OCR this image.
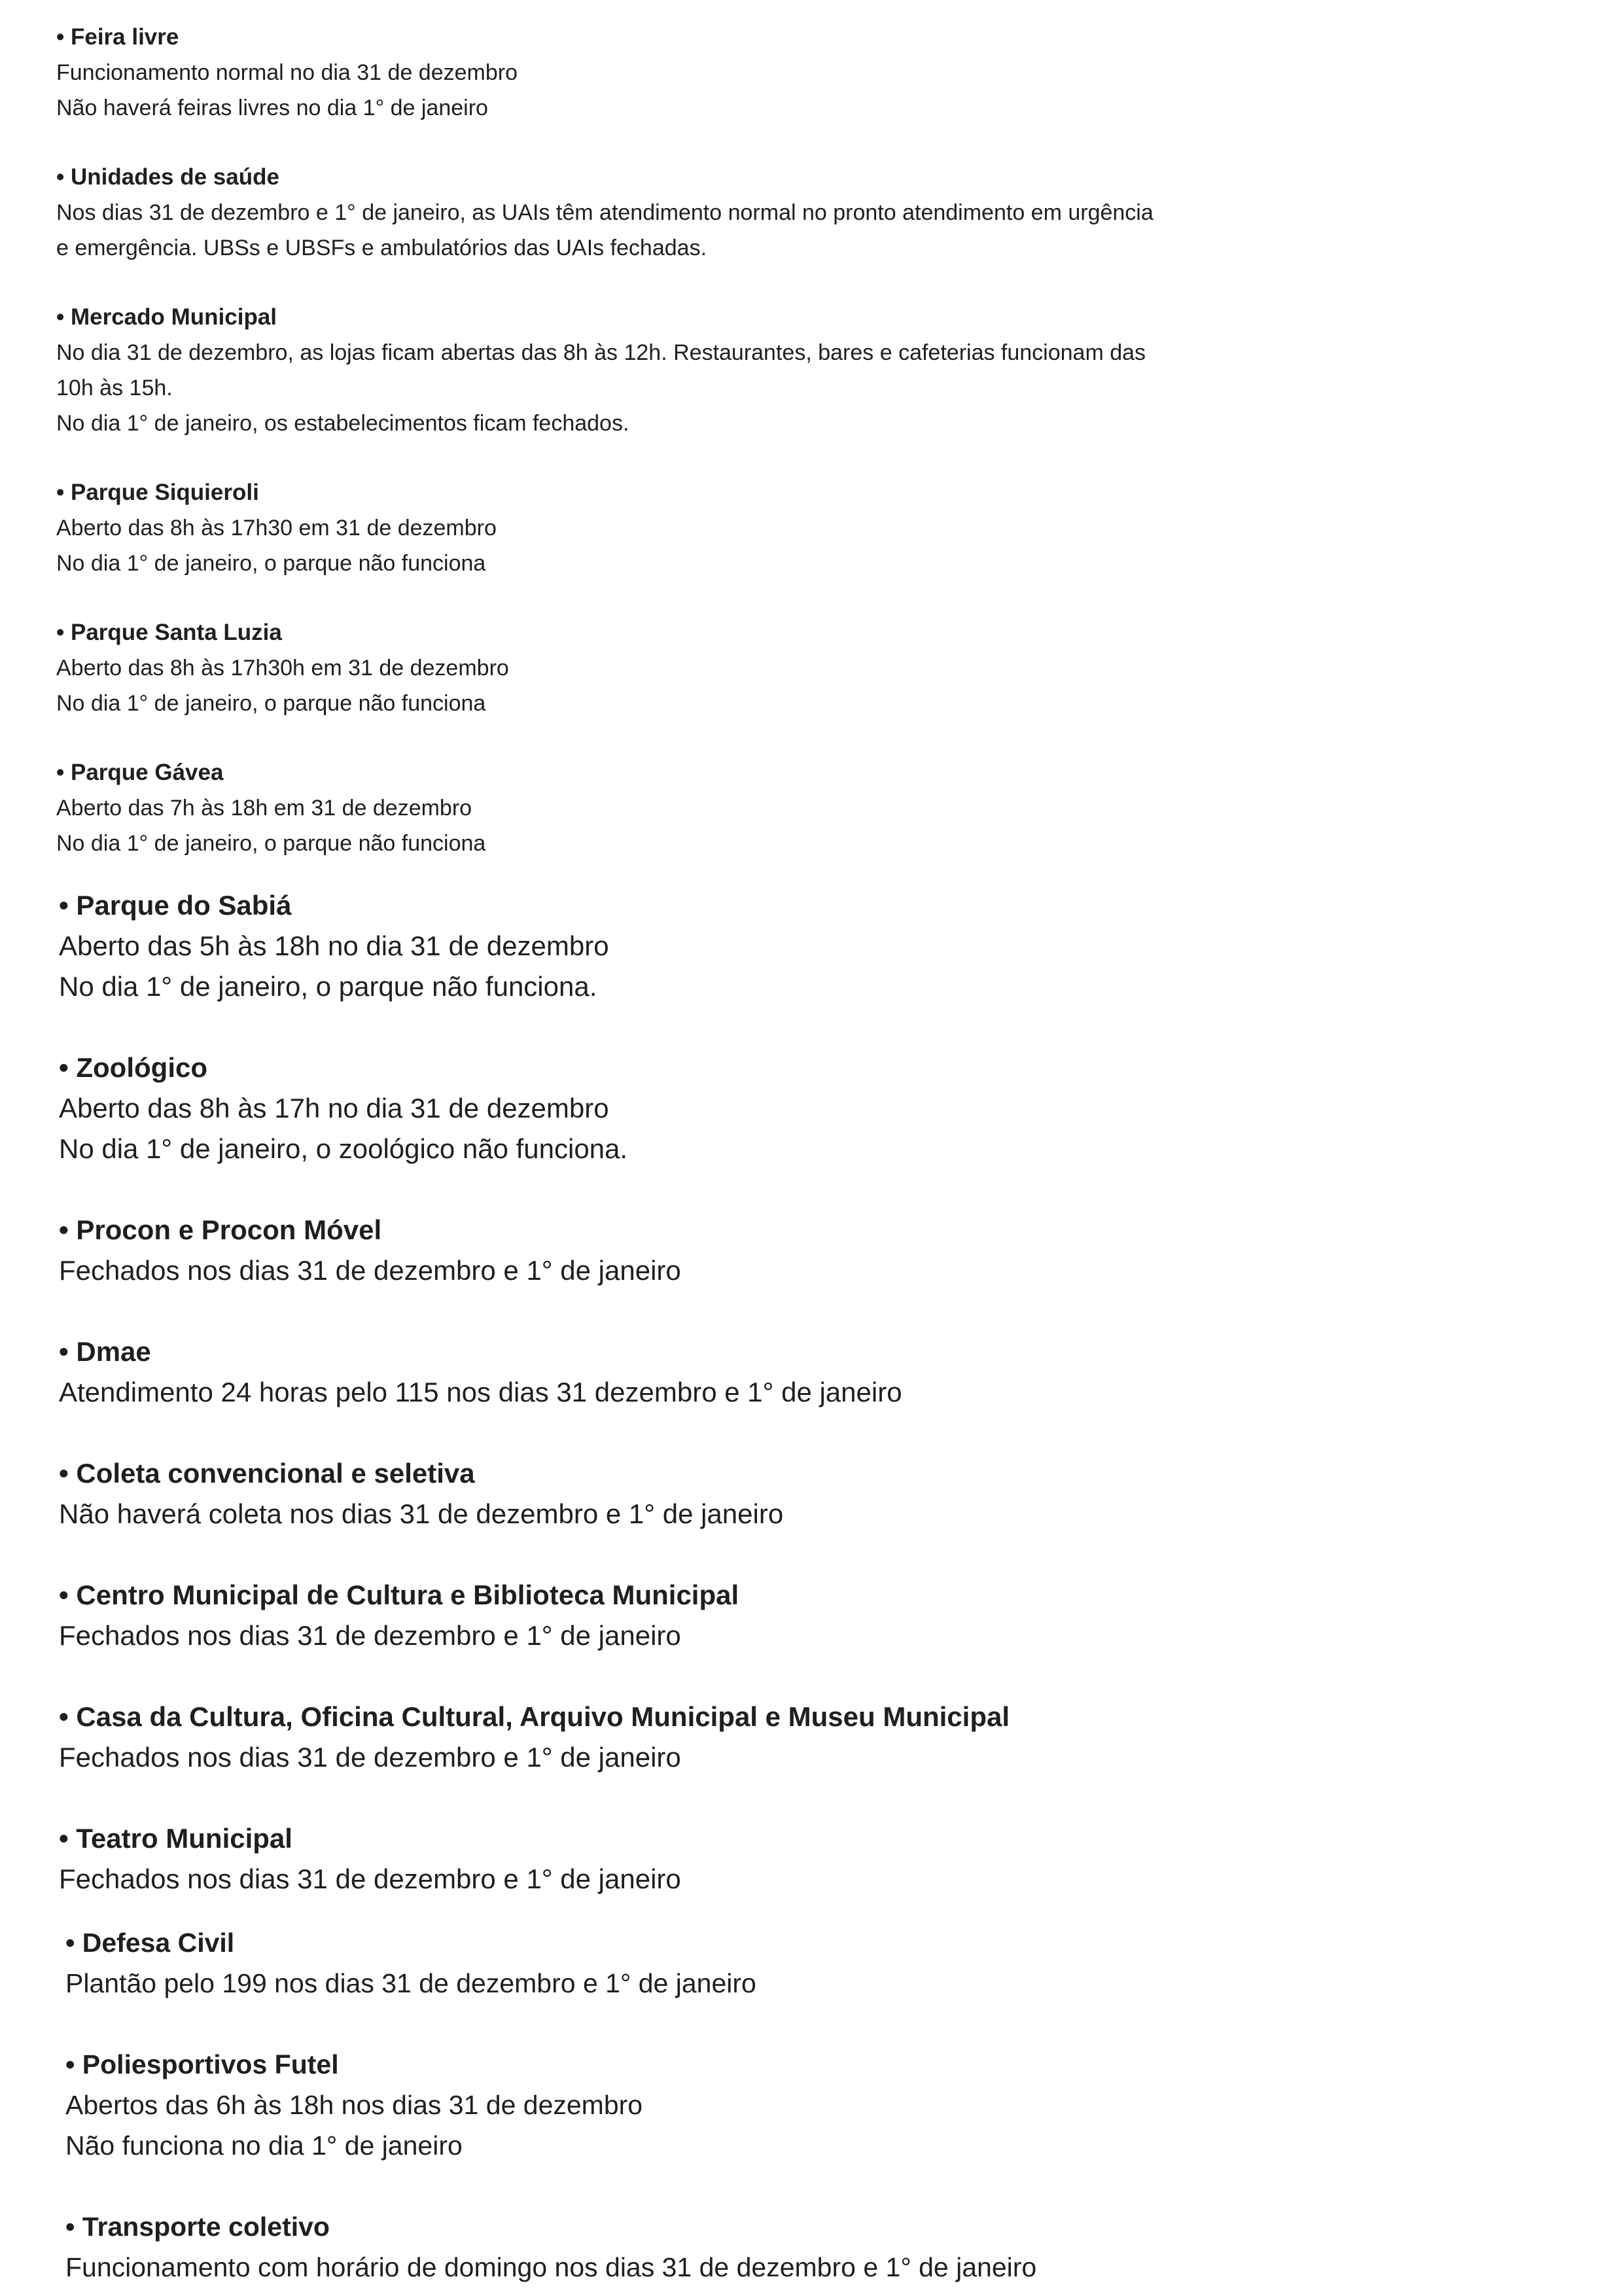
• Feira livre
Funcionamento normal no dia 31 de dezembro
Não haverá feiras livres no dia 1° de janeiro
• Unidades de saúde
Nos dias 31 de dezembro e 1° de janeiro, as UAIs têm atendimento normal no pronto atendimento em urgência
e emergência. UBSs e UBSFs e ambulatórios das UAIs fechadas.
• Mercado Municipal
No dia 31 de dezembro, as lojas ficam abertas das 8h às 12h. Restaurantes, bares e cafeterias funcionam das
10h às 15h.
No dia 1° de janeiro, os estabelecimentos ficam fechados.
• Parque Siquieroli
Aberto das 8h às 17h30 em 31 de dezembro
No dia 1° de janeiro, o parque não funciona
• Parque Santa Luzia
Aberto das 8h às 17h30h em 31 de dezembro
No dia 1° de janeiro, o parque não funciona
• Parque Gávea
Aberto das 7h às 18h em 31 de dezembro
No dia 1° de janeiro, o parque não funciona
• Parque do Sabiá
Aberto das 5h às 18h no dia 31 de dezembro
No dia 1° de janeiro, o parque não funciona.
• Zoológico
Aberto das 8h às 17h no dia 31 de dezembro
No dia 1° de janeiro, o zoológico não funciona.
• Procon e Procon Móvel
Fechados nos dias 31 de dezembro e 1° de janeiro
• Dmae
Atendimento 24 horas pelo 115 nos dias 31 dezembro e 1° de janeiro
• Coleta convencional e seletiva
Não haverá coleta nos dias 31 de dezembro e 1° de janeiro
• Centro Municipal de Cultura e Biblioteca Municipal
Fechados nos dias 31 de dezembro e 1° de janeiro
• Casa da Cultura, Oficina Cultural, Arquivo Municipal e Museu Municipal
Fechados nos dias 31 de dezembro e 1° de janeiro
• Teatro Municipal
Fechados nos dias 31 de dezembro e 1° de janeiro
• Defesa Civil
Plantão pelo 199 nos dias 31 de dezembro e 1° de janeiro
• Poliesportivos Futel
Abertos das 6h às 18h nos dias 31 de dezembro
Não funciona no dia 1° de janeiro
• Transporte coletivo
Funcionamento com horário de domingo nos dias 31 de dezembro e 1° de janeiro
